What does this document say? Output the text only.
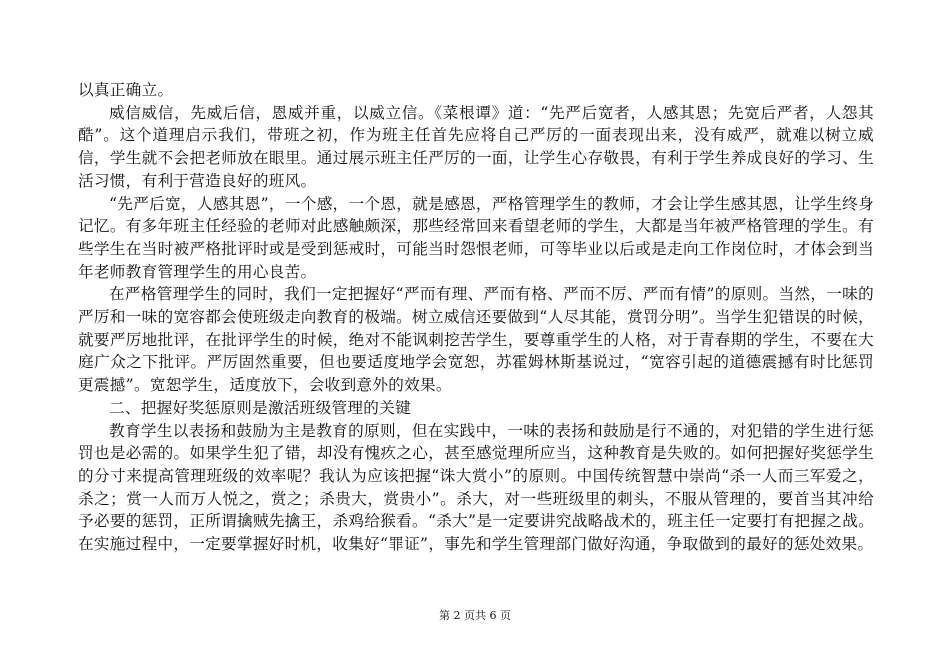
以真正确立。

威信威信，先威后信，恩威并重，以威立信。《菜根谭》道：“先严后宽者，人感其恩；先宽后严者，人怨其酷”。这个道理启示我们，带班之初，作为班主任首先应将自己严厉的一面表现出来，没有威严，就难以树立威信，学生就不会把老师放在眼里。通过展示班主任严厉的一面，让学生心存敬畏，有利于学生养成良好的学习、生活习惯，有利于营造良好的班风。

“先严后宽，人感其恩”，一个感，一个恩，就是感恩，严格管理学生的教师，才会让学生感其恩，让学生终身记忆。有多年班主任经验的老师对此感触颇深，那些经常回来看望老师的学生，大都是当年被严格管理的学生。有些学生在当时被严格批评时或是受到惩戒时，可能当时怨恨老师，可等毕业以后或是走向工作岗位时，才体会到当年老师教育管理学生的用心良苦。

在严格管理学生的同时，我们一定把握好“严而有理、严而有格、严而不厉、严而有情”的原则。当然，一味的严厉和一味的宽容都会使班级走向教育的极端。树立威信还要做到“人尽其能，赏罚分明”。当学生犯错误的时候，就要严厉地批评，在批评学生的时候，绝对不能讽刺挖苦学生，要尊重学生的人格，对于青春期的学生，不要在大庭广众之下批评。严厉固然重要，但也要适度地学会宽恕，苏霍姆林斯基说过，“宽容引起的道德震撼有时比惩罚更震撼”。宽恕学生，适度放下，会收到意外的效果。

二、把握好奖惩原则是激活班级管理的关键

教育学生以表扬和鼓励为主是教育的原则，但在实践中，一味的表扬和鼓励是行不通的，对犯错的学生进行惩罚也是必需的。如果学生犯了错，却没有愧疚之心，甚至感觉理所应当，这种教育是失败的。如何把握好奖惩学生的分寸来提高管理班级的效率呢？我认为应该把握“诛大赏小”的原则。中国传统智慧中崇尚“杀一人而三军爱之，杀之；赏一人而万人悦之，赏之；杀贵大，赏贵小”。杀大，对一些班级里的刺头，不服从管理的，要首当其冲给予必要的惩罚，正所谓擒贼先擒王，杀鸡给猴看。“杀大”是一定要讲究战略战术的，班主任一定要打有把握之战。在实施过程中，一定要掌握好时机，收集好“罪证”，事先和学生管理部门做好沟通，争取做到的最好的惩处效果。

第 2 页共 6 页
